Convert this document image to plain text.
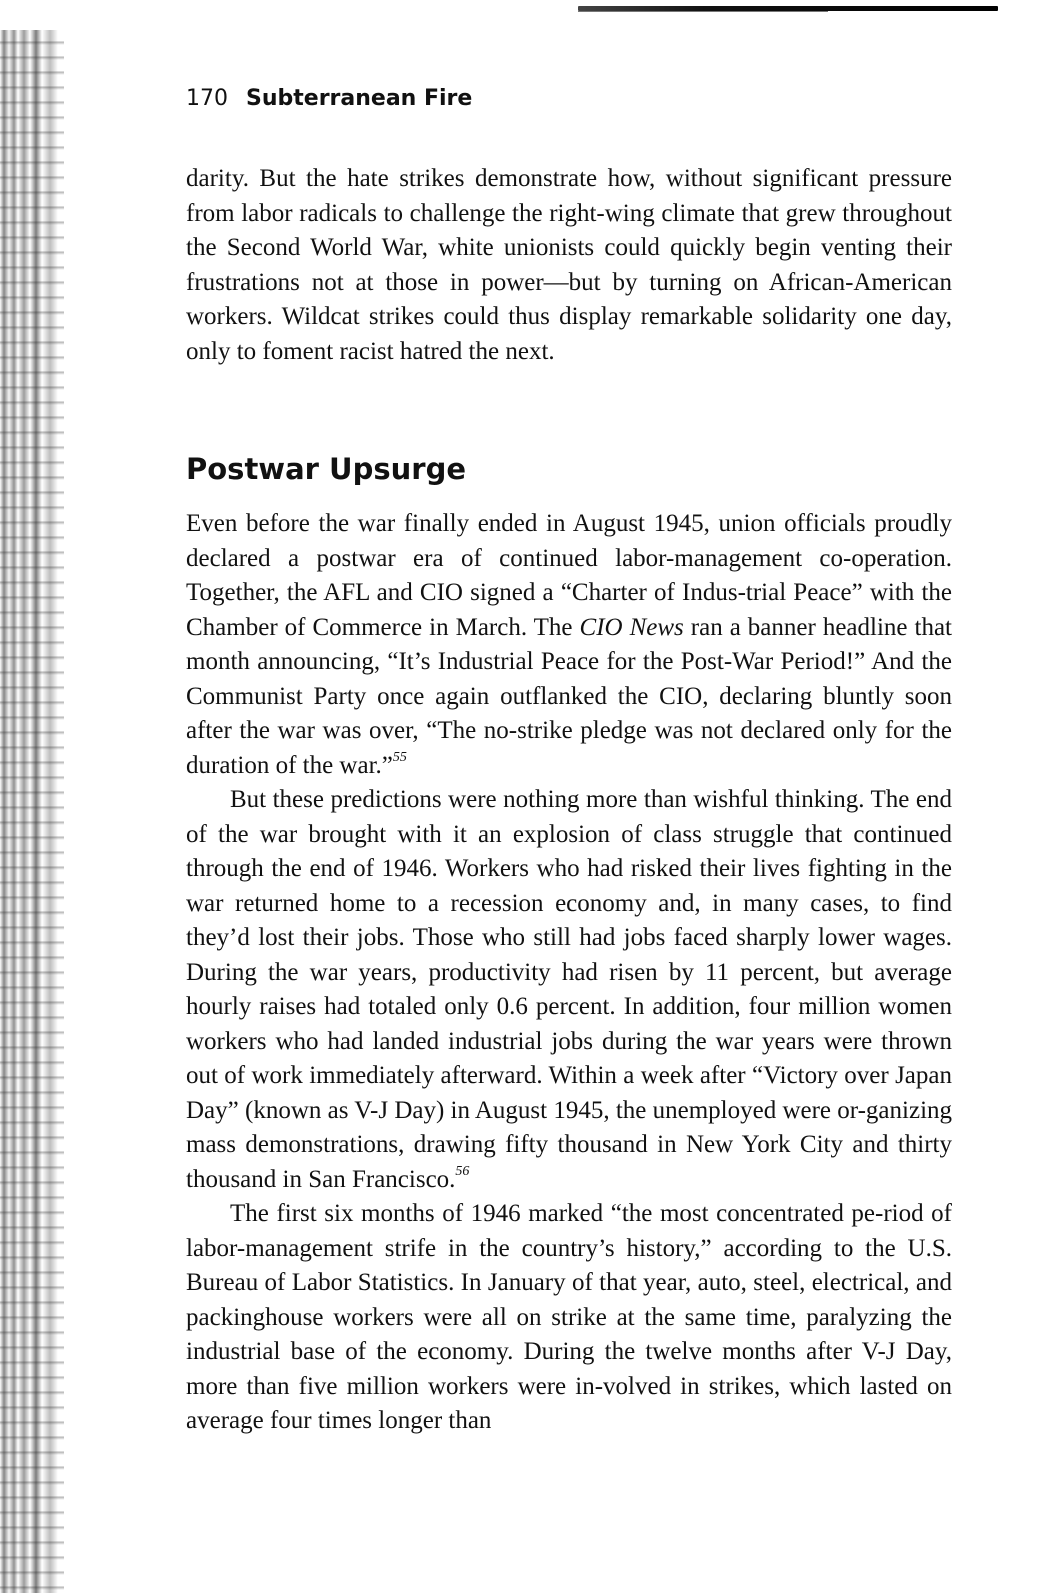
170 Subterranean Fire

darity. But the hate strikes demonstrate how, without significant pressure from labor radicals to challenge the right-wing climate that grew throughout the Second World War, white unionists could quickly begin venting their frustrations not at those in power—but by turning on African-American workers. Wildcat strikes could thus display remarkable solidarity one day, only to foment racist hatred the next.

Postwar Upsurge

Even before the war finally ended in August 1945, union officials proudly declared a postwar era of continued labor-management co-operation. Together, the AFL and CIO signed a “Charter of Indus-trial Peace” with the Chamber of Commerce in March. The CIO News ran a banner headline that month announcing, “It’s Industrial Peace for the Post-War Period!” And the Communist Party once again outflanked the CIO, declaring bluntly soon after the war was over, “The no-strike pledge was not declared only for the duration of the war.”$^{55}$

But these predictions were nothing more than wishful thinking. The end of the war brought with it an explosion of class struggle that continued through the end of 1946. Workers who had risked their lives fighting in the war returned home to a recession economy and, in many cases, to find they’d lost their jobs. Those who still had jobs faced sharply lower wages. During the war years, productivity had risen by 11 percent, but average hourly raises had totaled only 0.6 percent. In addition, four million women workers who had landed industrial jobs during the war years were thrown out of work immediately afterward. Within a week after “Victory over Japan Day” (known as V-J Day) in August 1945, the unemployed were or-ganizing mass demonstrations, drawing fifty thousand in New York City and thirty thousand in San Francisco.$^{56}$

The first six months of 1946 marked “the most concentrated pe-riod of labor-management strife in the country’s history,” according to the U.S. Bureau of Labor Statistics. In January of that year, auto, steel, electrical, and packinghouse workers were all on strike at the same time, paralyzing the industrial base of the economy. During the twelve months after V-J Day, more than five million workers were in-volved in strikes, which lasted on average four times longer than
